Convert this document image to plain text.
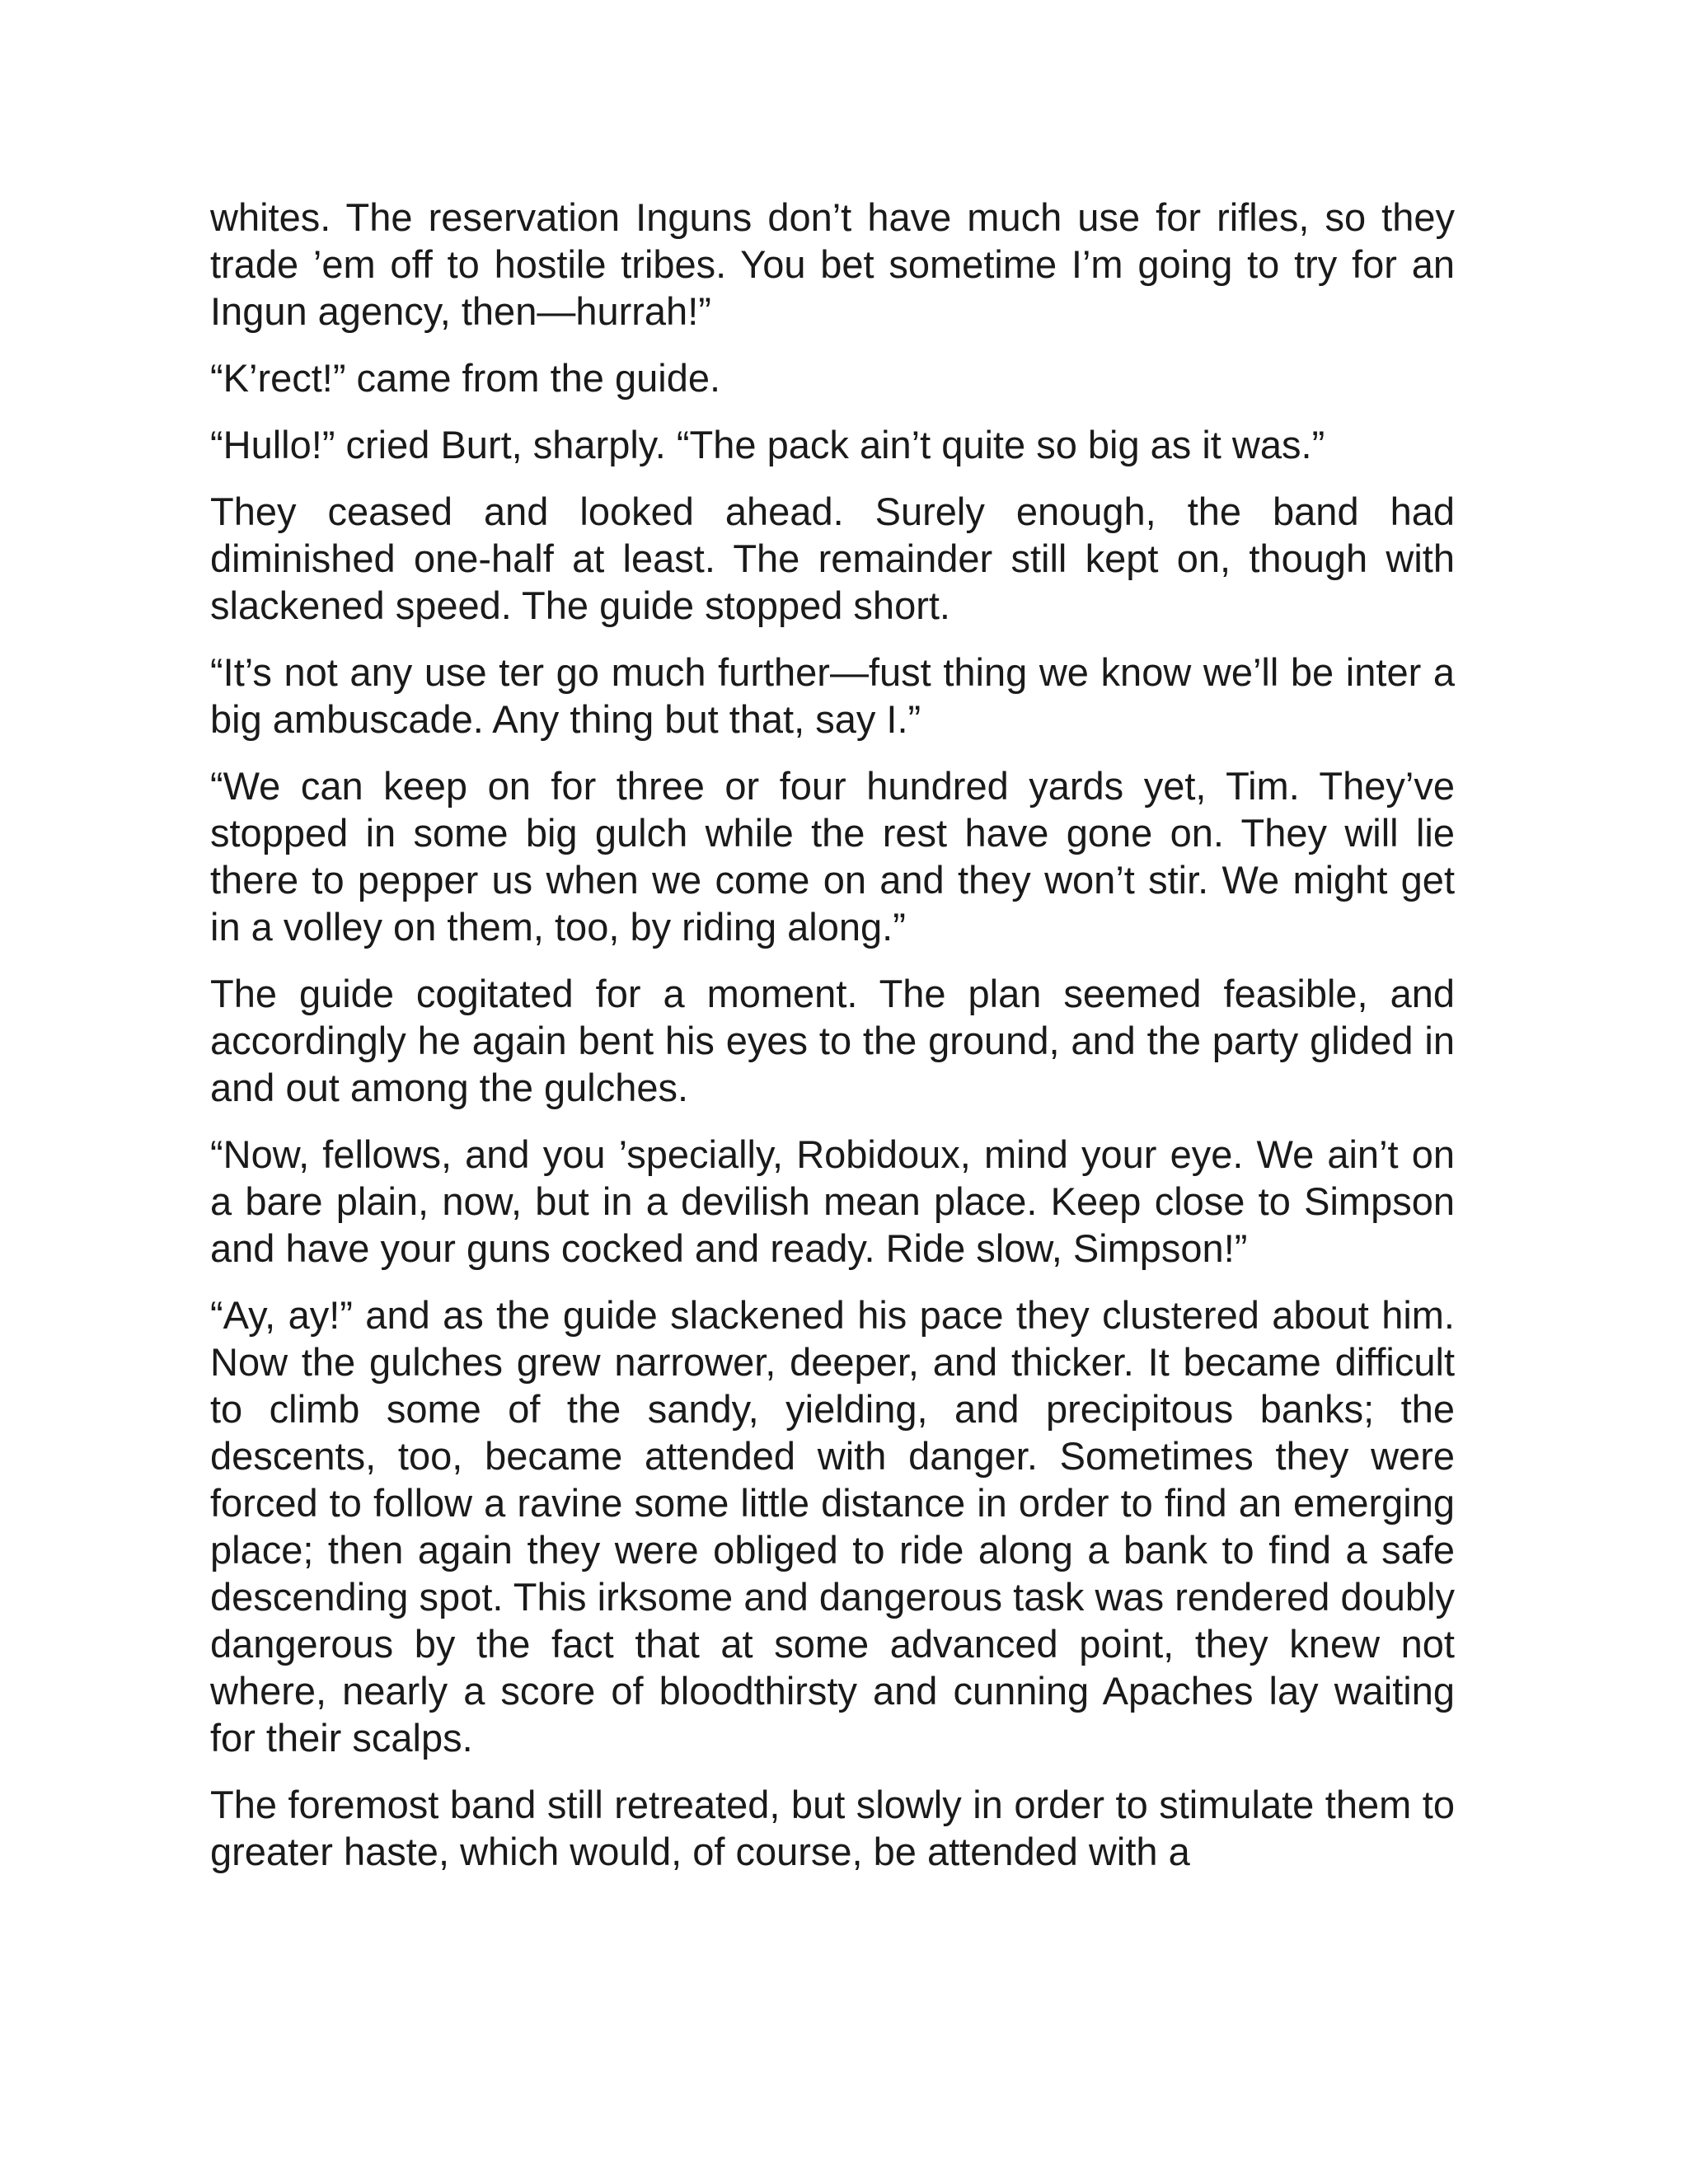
whites. The reservation Inguns don’t have much use for rifles, so they trade ’em off to hostile tribes. You bet sometime I’m going to try for an Ingun agency, then—hurrah!”

“K’rect!” came from the guide.

“Hullo!” cried Burt, sharply. “The pack ain’t quite so big as it was.”

They ceased and looked ahead. Surely enough, the band had diminished one-half at least. The remainder still kept on, though with slackened speed. The guide stopped short.

“It’s not any use ter go much further—fust thing we know we’ll be inter a big ambuscade. Any thing but that, say I.”

“We can keep on for three or four hundred yards yet, Tim. They’ve stopped in some big gulch while the rest have gone on. They will lie there to pepper us when we come on and they won’t stir. We might get in a volley on them, too, by riding along.”

The guide cogitated for a moment. The plan seemed feasible, and accordingly he again bent his eyes to the ground, and the party glided in and out among the gulches.

“Now, fellows, and you ’specially, Robidoux, mind your eye. We ain’t on a bare plain, now, but in a devilish mean place. Keep close to Simpson and have your guns cocked and ready. Ride slow, Simpson!”

“Ay, ay!” and as the guide slackened his pace they clustered about him. Now the gulches grew narrower, deeper, and thicker. It became difficult to climb some of the sandy, yielding, and precipitous banks; the descents, too, became attended with danger. Sometimes they were forced to follow a ravine some little distance in order to find an emerging place; then again they were obliged to ride along a bank to find a safe descending spot. This irksome and dangerous task was rendered doubly dangerous by the fact that at some advanced point, they knew not where, nearly a score of bloodthirsty and cunning Apaches lay waiting for their scalps.

The foremost band still retreated, but slowly in order to stimulate them to greater haste, which would, of course, be attended with a
